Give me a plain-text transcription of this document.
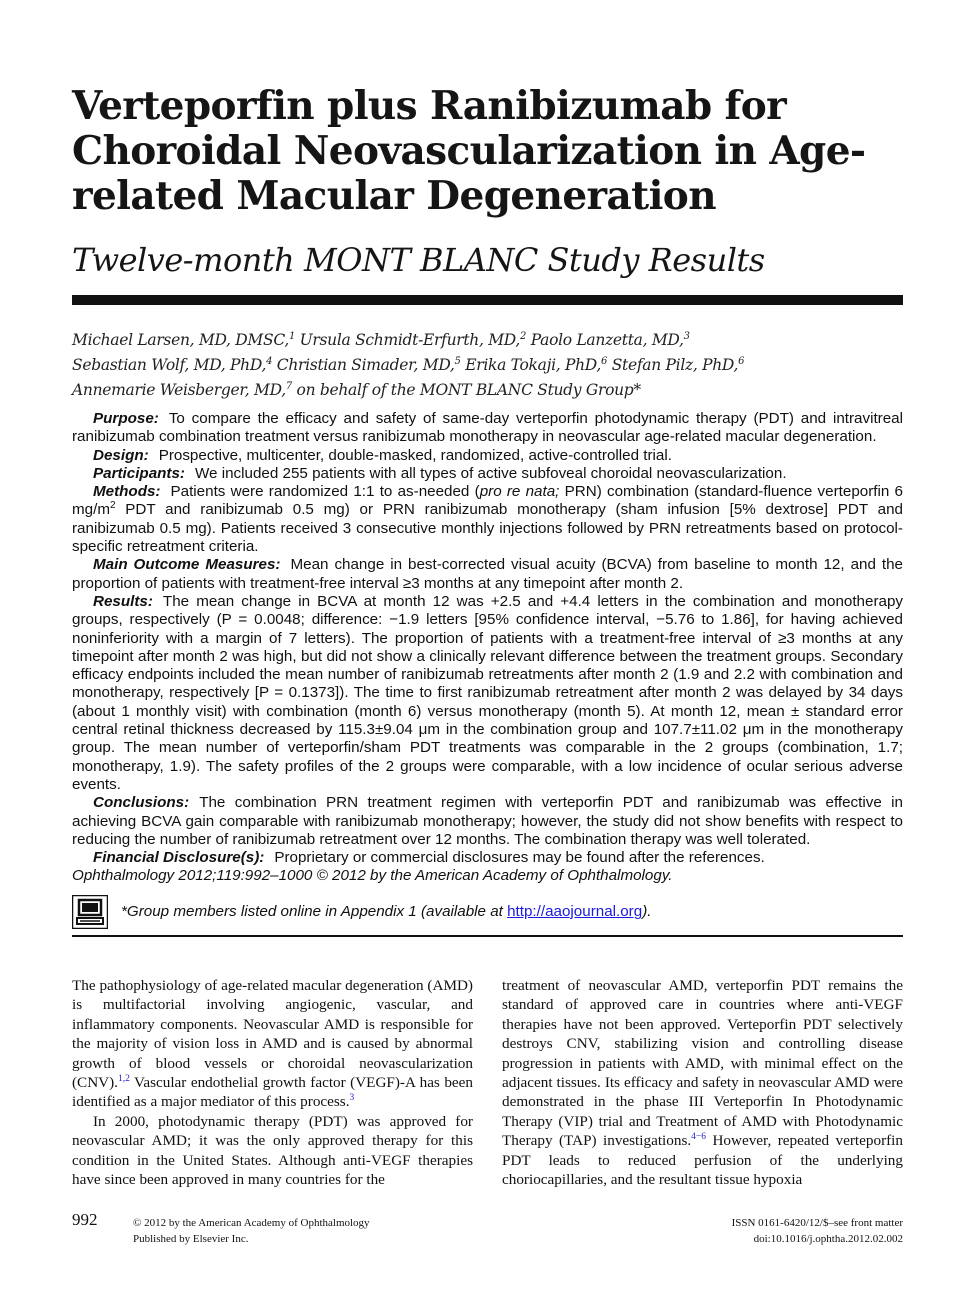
Verteporfin plus Ranibizumab for Choroidal Neovascularization in Age-related Macular Degeneration
Twelve-month MONT BLANC Study Results

Michael Larsen, MD, DMSC,$^1$ Ursula Schmidt-Erfurth, MD,$^2$ Paolo Lanzetta, MD,$^3$

Sebastian Wolf, MD, PhD,$^4$ Christian Simader, MD,$^5$ Erika Tokaji, PhD,$^6$ Stefan Pilz, PhD,$^6$

Annemarie Weisberger, MD,$^7$ on behalf of the MONT BLANC Study Group*

Purpose: To compare the efficacy and safety of same-day verteporfin photodynamic therapy (PDT) and intravitreal ranibizumab combination treatment versus ranibizumab monotherapy in neovascular age-related macular degeneration.

Design: Prospective, multicenter, double-masked, randomized, active-controlled trial.

Participants: We included 255 patients with all types of active subfoveal choroidal neovascularization.

Methods: Patients were randomized 1:1 to as-needed (pro re nata; PRN) combination (standard-fluence verteporfin 6 $mg/m^2$ PDT and ranibizumab 0.5 mg) or PRN ranibizumab monotherapy (sham infusion [5% dextrose] PDT and ranibizumab 0.5 mg). Patients received 3 consecutive monthly injections followed by PRN retreatments based on protocol-specific retreatment criteria.

Main Outcome Measures: Mean change in best-corrected visual acuity (BCVA) from baseline to month 12, and the proportion of patients with treatment-free interval ≥3 months at any timepoint after month 2.

Results: The mean change in BCVA at month 12 was +2.5 and +4.4 letters in the combination and monotherapy groups, respectively (P = 0.0048; difference: −1.9 letters [95% confidence interval, −5.76 to 1.86], for having achieved noninferiority with a margin of 7 letters). The proportion of patients with a treatment-free interval of ≥3 months at any timepoint after month 2 was high, but did not show a clinically relevant difference between the treatment groups. Secondary efficacy endpoints included the mean number of ranibizumab retreatments after month 2 (1.9 and 2.2 with combination and monotherapy, respectively [P = 0.1373]). The time to first ranibizumab retreatment after month 2 was delayed by 34 days (about 1 monthly visit) with combination (month 6) versus monotherapy (month 5). At month 12, mean ± standard error central retinal thickness decreased by 115.3±9.04 μm in the combination group and 107.7±11.02 μm in the monotherapy group. The mean number of verteporfin/sham PDT treatments was comparable in the 2 groups (combination, 1.7; monotherapy, 1.9). The safety profiles of the 2 groups were comparable, with a low incidence of ocular serious adverse events.

Conclusions: The combination PRN treatment regimen with verteporfin PDT and ranibizumab was effective in achieving BCVA gain comparable with ranibizumab monotherapy; however, the study did not show benefits with respect to reducing the number of ranibizumab retreatment over 12 months. The combination therapy was well tolerated.

Financial Disclosure(s): Proprietary or commercial disclosures may be found after the references.

Ophthalmology 2012;119:992–1000 © 2012 by the American Academy of Ophthalmology.

*Group members listed online in Appendix 1 (available at http://aaojournal.org).

The pathophysiology of age-related macular degeneration (AMD) is multifactorial involving angiogenic, vascular, and inflammatory components. Neovascular AMD is responsible for the majority of vision loss in AMD and is caused by abnormal growth of blood vessels or choroidal neovascularization (CNV).$^{1,2}$ Vascular endothelial growth factor (VEGF)-A has been identified as a major mediator of this process.$^3$

In 2000, photodynamic therapy (PDT) was approved for neovascular AMD; it was the only approved therapy for this condition in the United States. Although anti-VEGF therapies have since been approved in many countries for the

treatment of neovascular AMD, verteporfin PDT remains the standard of approved care in countries where anti-VEGF therapies have not been approved. Verteporfin PDT selectively destroys CNV, stabilizing vision and controlling disease progression in patients with AMD, with minimal effect on the adjacent tissues. Its efficacy and safety in neovascular AMD were demonstrated in the phase III Verteporfin In Photodynamic Therapy (VIP) trial and Treatment of AMD with Photodynamic Therapy (TAP) investigations.$^{4-6}$ However, repeated verteporfin PDT leads to reduced perfusion of the underlying choriocapillaries, and the resultant tissue hypoxia

992	© 2012 by the American Academy of Ophthalmology
Published by Elsevier Inc.
ISSN 0161-6420/12/$–see front matter
doi:10.1016/j.ophtha.2012.02.002
